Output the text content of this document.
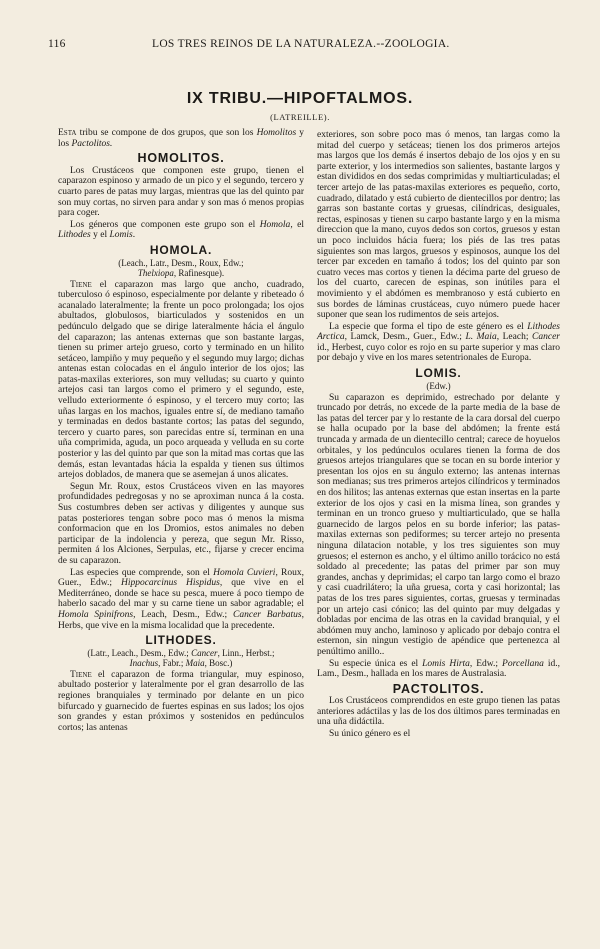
116	LOS TRES REINOS DE LA NATURALEZA.--ZOOLOGIA.
IX TRIBU.—HIPOFTALMOS.
(LATREILLE).

Esta tribu se compone de dos grupos, que son los Homolitos y los Pactolitos.

HOMOLITOS.

Los Crustáceos que componen este grupo, tienen el caparazon espinoso y armado de un pico y el segundo, tercero y cuarto pares de patas muy largas, mientras que las del quinto par son muy cortas, no sirven para andar y son mas ó menos propias para coger.

Los géneros que componen este grupo son el Homola, el Lithodes y el Lomis.

HOMOLA.
(Leach., Latr., Desm., Roux, Edw.;
Thelxiopa, Rafinesque).

Tiene el caparazon mas largo que ancho, cuadrado, tuberculoso ó espinoso, especialmente por delante y ribeteado ó acanalado lateralmente; la frente un poco prolongada; los ojos abultados, globulosos, biarticulados y sostenidos en un pedúnculo delgado que se dirige lateralmente hácia el ángulo del caparazon; las antenas externas que son bastante largas, tienen su primer artejo grueso, corto y terminado en un hilito setáceo, lampiño y muy pequeño y el segundo muy largo; dichas antenas estan colocadas en el ángulo interior de los ojos; las patas-maxilas exteriores, son muy velludas; su cuarto y quinto artejos casi tan largos como el primero y el segundo, este, velludo exteriormente ó espinoso, y el tercero muy corto; las uñas largas en los machos, iguales entre sí, de mediano tamaño y terminadas en dedos bastante cortos; las patas del segundo, tercero y cuarto pares, son parecidas entre sí, terminan en una uña comprimida, aguda, un poco arqueada y velluda en su corte posterior y las del quinto par que son la mitad mas cortas que las demás, estan levantadas hácia la espalda y tienen sus últimos artejos doblados, de manera que se asemejan á unos alicates.

Segun Mr. Roux, estos Crustáceos viven en las mayores profundidades pedregosas y no se aproximan nunca á la costa. Sus costumbres deben ser activas y diligentes y aunque sus patas posteriores tengan sobre poco mas ó menos la misma conformacion que en los Dromios, estos animales no deben participar de la indolencia y pereza, que segun Mr. Risso, permiten á los Alciones, Serpulas, etc., fijarse y crecer encima de su caparazon.

Las especies que comprende, son el Homola Cuvieri, Roux, Guer., Edw.; Hippocarcinus Hispidus, que vive en el Mediterráneo, donde se hace su pesca, muere á poco tiempo de haberlo sacado del mar y su carne tiene un sabor agradable; el Homola Spinifrons, Leach, Desm., Edw.; Cancer Barbatus, Herbs, que vive en la misma localidad que la precedente.

LITHODES.
(Latr., Leach., Desm., Edw.; Cancer, Linn., Herbst.;
Inachus, Fabr.; Maia, Bosc.)

Tiene el caparazon de forma triangular, muy espinoso, abultado posterior y lateralmente por el gran desarrollo de las regiones branquiales y terminado por delante en un pico bifurcado y guarnecido de fuertes espinas en sus lados; los ojos son grandes y estan próximos y sostenidos en pedúnculos cortos; las antenas

exteriores, son sobre poco mas ó menos, tan largas como la mitad del cuerpo y setáceas; tienen los dos primeros artejos mas largos que los demás é insertos debajo de los ojos y en su parte exterior, y los intermedios son salientes, bastante largos y estan divididos en dos sedas comprimidas y multiarticuladas; el tercer artejo de las patas-maxilas exteriores es pequeño, corto, cuadrado, dilatado y está cubierto de dientecillos por dentro; las garras son bastante cortas y gruesas, cilíndricas, desiguales, rectas, espinosas y tienen su carpo bastante largo y en la misma direccion que la mano, cuyos dedos son cortos, gruesos y estan un poco incluidos hácia fuera; los piés de las tres patas siguientes son mas largos, gruesos y espinosos, aunque los del tercer par exceden en tamaño á todos; los del quinto par son cuatro veces mas cortos y tienen la décima parte del grueso de los del cuarto, carecen de espinas, son inútiles para el movimiento y el abdómen es membranoso y está cubierto en sus bordes de láminas crustáceas, cuyo número puede hacer suponer que sean los rudimentos de seis artejos.

La especie que forma el tipo de este género es el Lithodes Arctica, Lamck, Desm., Guer., Edw.; L. Maia, Leach; Cancer id., Herbest, cuyo color es rojo en su parte superior y mas claro por debajo y vive en los mares setentrionales de Europa.

LOMIS.
(Edw.)

Su caparazon es deprimido, estrechado por delante y truncado por detrás, no excede de la parte media de la base de las patas del tercer par y lo restante de la cara dorsal del cuerpo se halla ocupado por la base del abdómen; la frente está truncada y armada de un dientecillo central; carece de hoyuelos orbitales, y los pedúnculos oculares tienen la forma de dos gruesos artejos triangulares que se tocan en su borde interior y presentan los ojos en su ángulo externo; las antenas internas son medianas; sus tres primeros artejos cilíndricos y terminados en dos hilitos; las antenas externas que estan insertas en la parte exterior de los ojos y casi en la misma línea, son grandes y terminan en un tronco grueso y multiarticulado, que se halla guarnecido de largos pelos en su borde inferior; las patas-maxilas externas son pediformes; su tercer artejo no presenta ninguna dilatacion notable, y los tres siguientes son muy gruesos; el esternon es ancho, y el último anillo torácico no está soldado al precedente; las patas del primer par son muy grandes, anchas y deprimidas; el carpo tan largo como el brazo y casi cuadrilátero; la uña gruesa, corta y casi horizontal; las patas de los tres pares siguientes, cortas, gruesas y terminadas por un artejo casi cónico; las del quinto par muy delgadas y dobladas por encima de las otras en la cavidad branquial, y el abdómen muy ancho, laminoso y aplicado por debajo contra el esternon, sin ningun vestigio de apéndice que pertenezca al penúltimo anillo..

Su especie única es el Lomis Hirta, Edw.; Porcellana id., Lam., Desm., hallada en los mares de Australasia.

PACTOLITOS.

Los Crustáceos comprendidos en este grupo tienen las patas anteriores adáctilas y las de los dos últimos pares terminadas en una uña didáctila.

Su único género es el
